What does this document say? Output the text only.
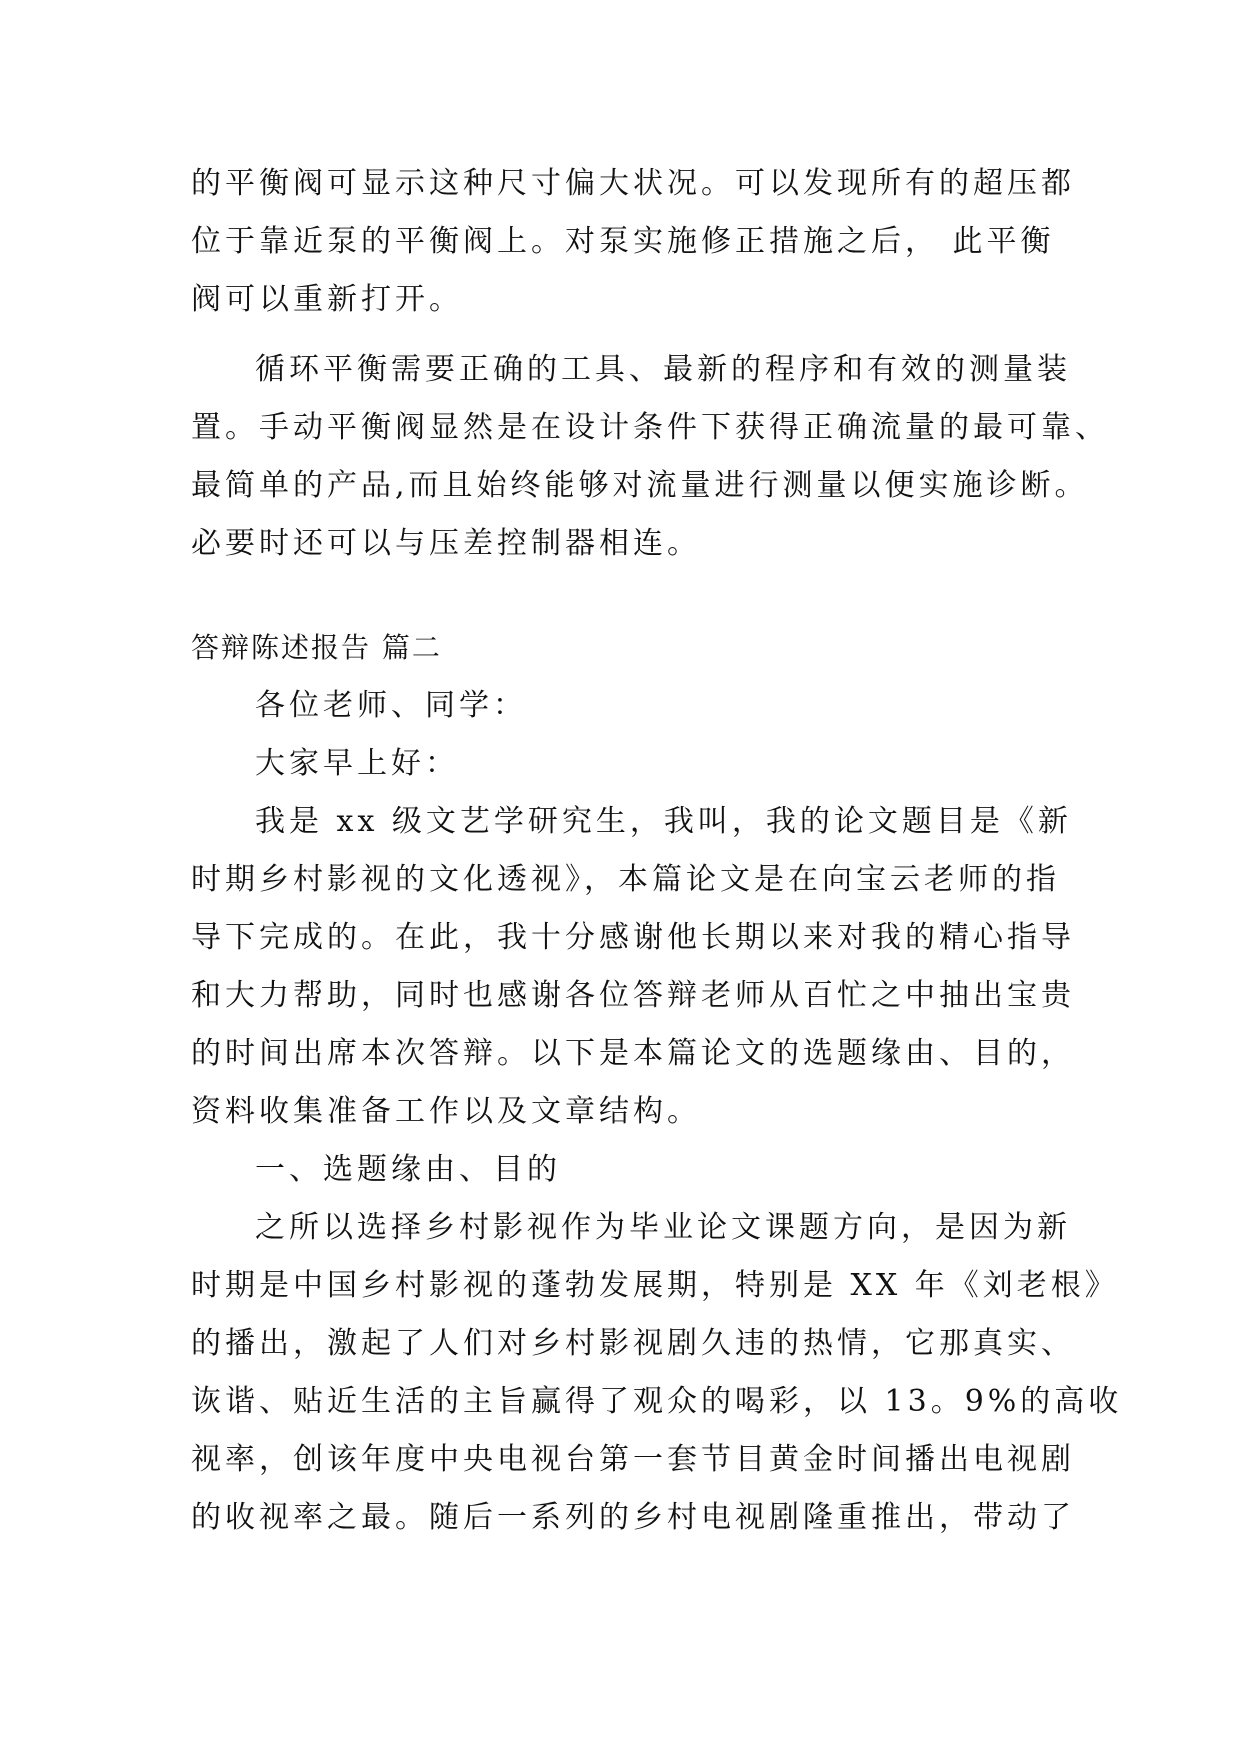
的平衡阀可显示这种尺寸偏大状况。可以发现所有的超压都
位于靠近泵的平衡阀上。对泵实施修正措施之后， 此平衡
阀可以重新打开。
循环平衡需要正确的工具、最新的程序和有效的测量装
置。手动平衡阀显然是在设计条件下获得正确流量的最可靠、
最简单的产品,而且始终能够对流量进行测量以便实施诊断。
必要时还可以与压差控制器相连。
答辩陈述报告 篇二
各位老师、同学：
大家早上好：
我是 xx 级文艺学研究生，我叫，我的论文题目是《新
时期乡村影视的文化透视》，本篇论文是在向宝云老师的指
导下完成的。在此，我十分感谢他长期以来对我的精心指导
和大力帮助，同时也感谢各位答辩老师从百忙之中抽出宝贵
的时间出席本次答辩。以下是本篇论文的选题缘由、目的，
资料收集准备工作以及文章结构。
一、选题缘由、目的
之所以选择乡村影视作为毕业论文课题方向，是因为新
时期是中国乡村影视的蓬勃发展期，特别是 XX 年《刘老根》
的播出，激起了人们对乡村影视剧久违的热情，它那真实、
诙谐、贴近生活的主旨赢得了观众的喝彩，以 13。9%的高收
视率，创该年度中央电视台第一套节目黄金时间播出电视剧
的收视率之最。随后一系列的乡村电视剧隆重推出，带动了
